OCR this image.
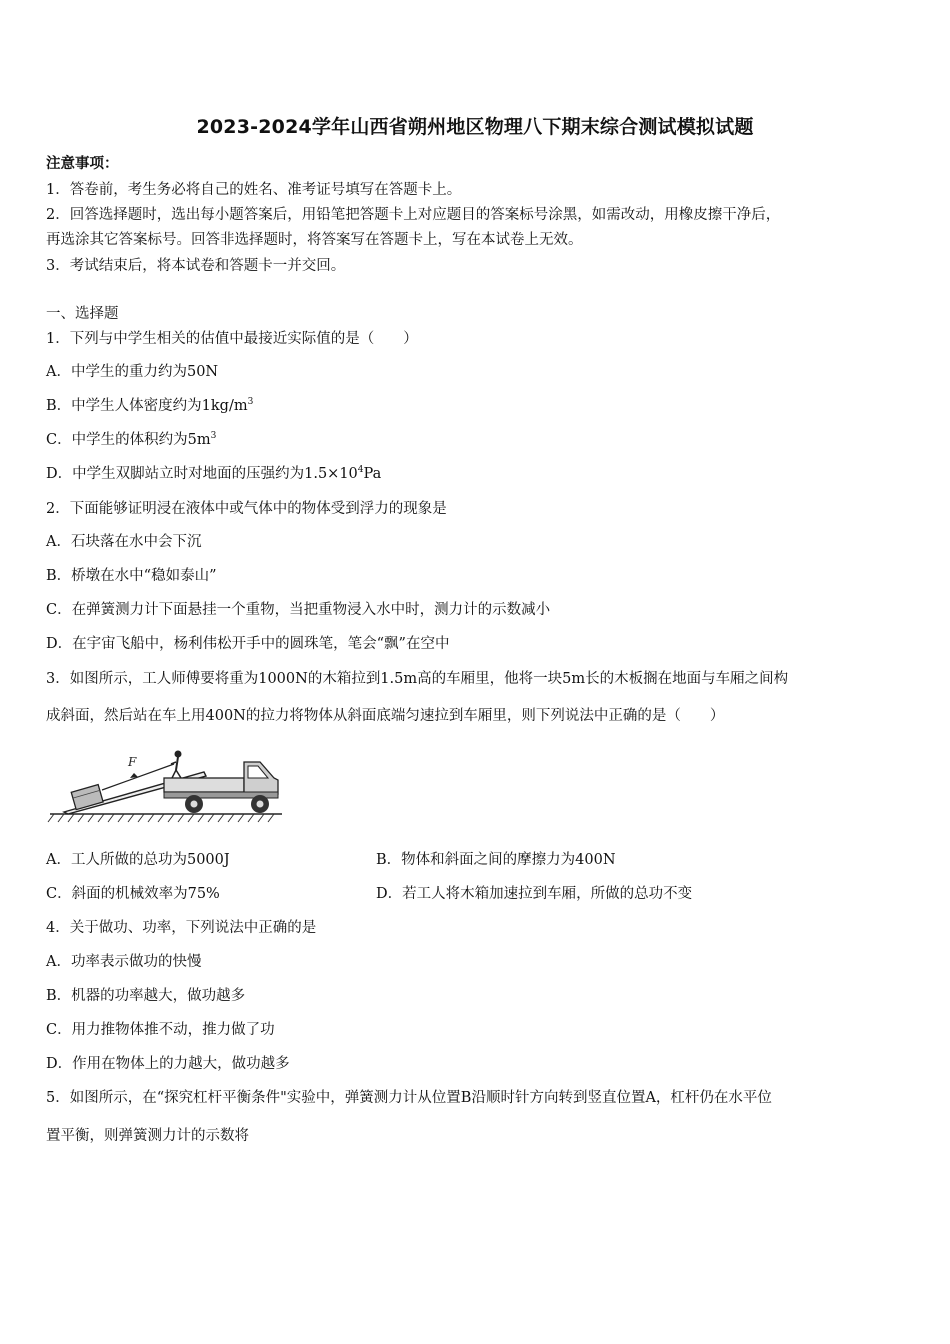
2023-2024学年山西省朔州地区物理八下期末综合测试模拟试题
注意事项：
1．答卷前，考生务必将自己的姓名、准考证号填写在答题卡上。
2．回答选择题时，选出每小题答案后，用铅笔把答题卡上对应题目的答案标号涂黑，如需改动，用橡皮擦干净后，
再选涂其它答案标号。回答非选择题时，将答案写在答题卡上，写在本试卷上无效。
3．考试结束后，将本试卷和答题卡一并交回。
一、选择题
1．下列与中学生相关的估值中最接近实际值的是（　　）
A．中学生的重力约为50N
B．中学生人体密度约为$1kg/m^3$
C．中学生的体积约为$5m^3$
D．中学生双脚站立时对地面的压强约为$1.5\times 10^4Pa$
2．下面能够证明浸在液体中或气体中的物体受到浮力的现象是
A．石块落在水中会下沉
B．桥墩在水中“稳如泰山”
C．在弹簧测力计下面悬挂一个重物，当把重物浸入水中时，测力计的示数减小
D．在宇宙飞船中，杨利伟松开手中的圆珠笔，笔会“飘”在空中
3．如图所示，工人师傅要将重为1000N的木箱拉到1.5m高的车厢里，他将一块5m长的木板搁在地面与车厢之间构
成斜面，然后站在车上用400N的拉力将物体从斜面底端匀速拉到车厢里，则下列说法中正确的是（　　）
F
A．工人所做的总功为5000J	B．物体和斜面之间的摩擦力为400N
C．斜面的机械效率为75%	D．若工人将木箱加速拉到车厢，所做的总功不变
4．关于做功、功率，下列说法中正确的是
A．功率表示做功的快慢
B．机器的功率越大，做功越多
C．用力推物体推不动，推力做了功
D．作用在物体上的力越大，做功越多
5．如图所示，在“探究杠杆平衡条件"实验中，弹簧测力计从位置B沿顺时针方向转到竖直位置A，杠杆仍在水平位
置平衡，则弹簧测力计的示数将
